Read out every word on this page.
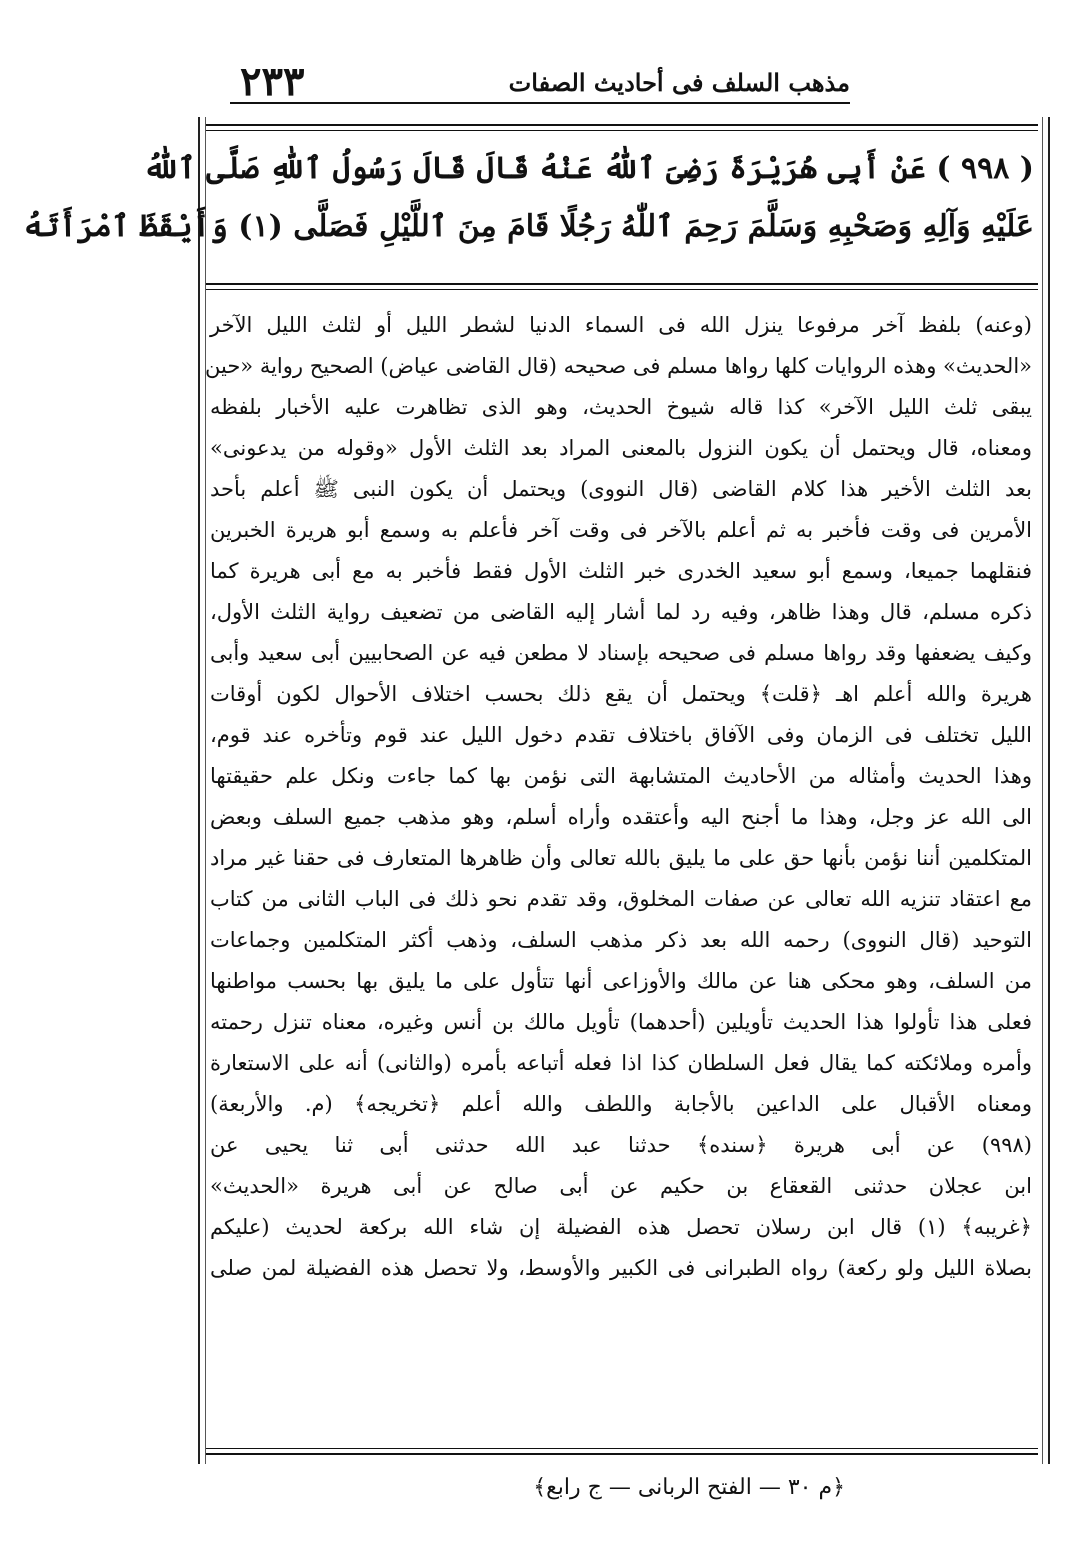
مذهب السلف فى أحاديث الصفات
٢٣٣
( ٩٩٨ ) عَنْ أَبِى هُرَيْرَةَ رَضِىَ ٱللّٰهُ عَنْهُ قَالَ قَالَ رَسُولُ ٱللّٰهِ صَلَّى ٱللّٰهُ
عَلَيْهِ وَآلِهِ وَصَحْبِهِ وَسَلَّمَ رَحِمَ ٱللّٰهُ رَجُلًا قَامَ مِنَ ٱللَّيْلِ فَصَلَّى (١) وَأَيْقَظَ ٱمْرَأَتَهُ
(وعنه) بلفظ آخر مرفوعا ينزل الله فى السماء الدنيا لشطر الليل أو لثلث الليل الآخر
«الحديث» وهذه الروايات كلها رواها مسلم فى صحيحه (قال القاضى عياض) الصحيح رواية «حين
يبقى ثلث الليل الآخر» كذا قاله شيوخ الحديث، وهو الذى تظاهرت عليه الأخبار بلفظه
ومعناه، قال ويحتمل أن يكون النزول بالمعنى المراد بعد الثلث الأول «وقوله من يدعونى»
بعد الثلث الأخير هذا كلام القاضى (قال النووى) ويحتمل أن يكون النبى ﷺ أعلم بأحد
الأمرين فى وقت فأخبر به ثم أعلم بالآخر فى وقت آخر فأعلم به وسمع أبو هريرة الخبرين
فنقلهما جميعا، وسمع أبو سعيد الخدرى خبر الثلث الأول فقط فأخبر به مع أبى هريرة كما
ذكره مسلم، قال وهذا ظاهر، وفيه رد لما أشار إليه القاضى من تضعيف رواية الثلث الأول،
وكيف يضعفها وقد رواها مسلم فى صحيحه بإسناد لا مطعن فيه عن الصحابيين أبى سعيد وأبى
هريرة والله أعلم اهـ ﴿قلت﴾ ويحتمل أن يقع ذلك بحسب اختلاف الأحوال لكون أوقات
الليل تختلف فى الزمان وفى الآفاق باختلاف تقدم دخول الليل عند قوم وتأخره عند قوم،
وهذا الحديث وأمثاله من الأحاديث المتشابهة التى نؤمن بها كما جاءت ونكل علم حقيقتها
الى الله عز وجل، وهذا ما أجنح اليه وأعتقده وأراه أسلم، وهو مذهب جميع السلف وبعض
المتكلمين أننا نؤمن بأنها حق على ما يليق بالله تعالى وأن ظاهرها المتعارف فى حقنا غير مراد
مع اعتقاد تنزيه الله تعالى عن صفات المخلوق، وقد تقدم نحو ذلك فى الباب الثانى من كتاب
التوحيد (قال النووى) رحمه الله بعد ذكر مذهب السلف، وذهب أكثر المتكلمين وجماعات
من السلف، وهو محكى هنا عن مالك والأوزاعى أنها تتأول على ما يليق بها بحسب مواطنها
فعلى هذا تأولوا هذا الحديث تأويلين (أحدهما) تأويل مالك بن أنس وغيره، معناه تنزل رحمته
وأمره وملائكته كما يقال فعل السلطان كذا اذا فعله أتباعه بأمره (والثانى) أنه على الاستعارة
ومعناه الأقبال على الداعين بالأجابة واللطف والله أعلم ﴿تخريجه﴾ (م. والأربعة)
(٩٩٨) عن أبى هريرة ﴿سنده﴾ حدثنا عبد الله حدثنى أبى ثنا يحيى عن
ابن عجلان حدثنى القعقاع بن حكيم عن أبى صالح عن أبى هريرة «الحديث»
﴿غريبه﴾ (١) قال ابن رسلان تحصل هذه الفضيلة إن شاء الله بركعة لحديث (عليكم
بصلاة الليل ولو ركعة) رواه الطبرانى فى الكبير والأوسط، ولا تحصل هذه الفضيلة لمن صلى
﴿م ٣٠ — الفتح الربانى — ج رابع﴾
